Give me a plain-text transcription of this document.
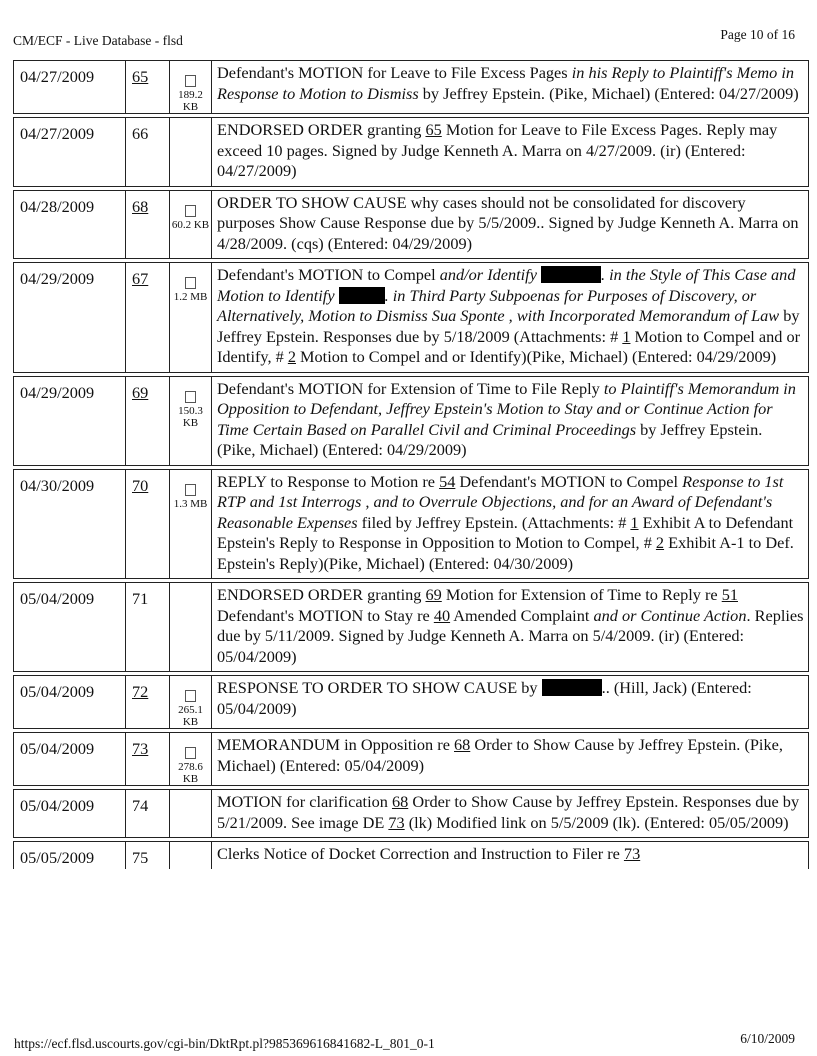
CM/ECF - Live Database - flsd	Page 10 of 16
04/27/2009	65	189.2 KB	Defendant's MOTION for Leave to File Excess Pages in his Reply to Plaintiff's Memo in Response to Motion to Dismiss by Jeffrey Epstein. (Pike, Michael) (Entered: 04/27/2009)
04/27/2009	66		ENDORSED ORDER granting 65 Motion for Leave to File Excess Pages. Reply may exceed 10 pages. Signed by Judge Kenneth A. Marra on 4/27/2009. (ir) (Entered: 04/27/2009)
04/28/2009	68	60.2 KB	ORDER TO SHOW CAUSE why cases should not be consolidated for discovery purposes Show Cause Response due by 5/5/2009.. Signed by Judge Kenneth A. Marra on 4/28/2009. (cqs) (Entered: 04/29/2009)
04/29/2009	67	1.2 MB	Defendant's MOTION to Compel and/or Identify . in the Style of This Case and Motion to Identify . in Third Party Subpoenas for Purposes of Discovery, or Alternatively, Motion to Dismiss Sua Sponte , with Incorporated Memorandum of Law by Jeffrey Epstein. Responses due by 5/18/2009 (Attachments: # 1 Motion to Compel and or Identify, # 2 Motion to Compel and or Identify)(Pike, Michael) (Entered: 04/29/2009)
04/29/2009	69	150.3 KB	Defendant's MOTION for Extension of Time to File Reply to Plaintiff's Memorandum in Opposition to Defendant, Jeffrey Epstein's Motion to Stay and or Continue Action for Time Certain Based on Parallel Civil and Criminal Proceedings by Jeffrey Epstein. (Pike, Michael) (Entered: 04/29/2009)
04/30/2009	70	1.3 MB	REPLY to Response to Motion re 54 Defendant's MOTION to Compel Response to 1st RTP and 1st Interrogs , and to Overrule Objections, and for an Award of Defendant's Reasonable Expenses filed by Jeffrey Epstein. (Attachments: # 1 Exhibit A to Defendant Epstein's Reply to Response in Opposition to Motion to Compel, # 2 Exhibit A-1 to Def. Epstein's Reply)(Pike, Michael) (Entered: 04/30/2009)
05/04/2009	71		ENDORSED ORDER granting 69 Motion for Extension of Time to Reply re 51 Defendant's MOTION to Stay re 40 Amended Complaint and or Continue Action. Replies due by 5/11/2009. Signed by Judge Kenneth A. Marra on 5/4/2009. (ir) (Entered: 05/04/2009)
05/04/2009	72	265.1 KB	RESPONSE TO ORDER TO SHOW CAUSE by .. (Hill, Jack) (Entered: 05/04/2009)
05/04/2009	73	278.6 KB	MEMORANDUM in Opposition re 68 Order to Show Cause by Jeffrey Epstein. (Pike, Michael) (Entered: 05/04/2009)
05/04/2009	74		MOTION for clarification 68 Order to Show Cause by Jeffrey Epstein. Responses due by 5/21/2009. See image DE 73 (lk) Modified link on 5/5/2009 (lk). (Entered: 05/05/2009)
05/05/2009	75		Clerks Notice of Docket Correction and Instruction to Filer re 73
https://ecf.flsd.uscourts.gov/cgi-bin/DktRpt.pl?985369616841682-L_801_0-1	6/10/2009
